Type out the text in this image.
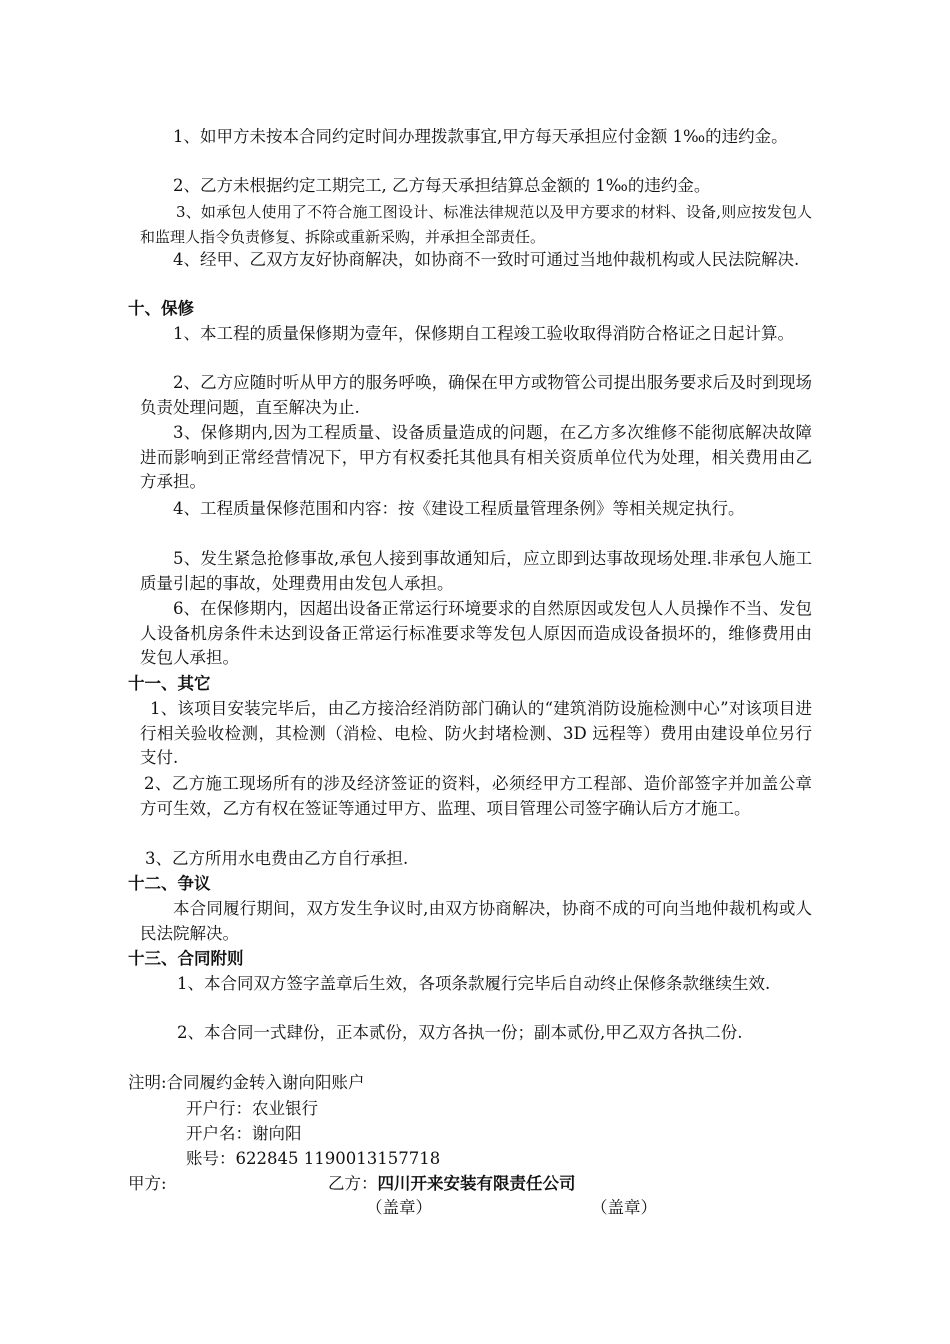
1、如甲方未按本合同约定时间办理拨款事宜,甲方每天承担应付金额 1‰的违约金。

2、乙方未根据约定工期完工, 乙方每天承担结算总金额的 1‰的违约金。

3、如承包人使用了不符合施工图设计、标准法律规范以及甲方要求的材料、设备,则应按发包人和监理人指令负责修复、拆除或重新采购，并承担全部责任。

4、经甲、乙双方友好协商解决，如协商不一致时可通过当地仲裁机构或人民法院解决.

十、保修

1、本工程的质量保修期为壹年，保修期自工程竣工验收取得消防合格证之日起计算。

2、乙方应随时听从甲方的服务呼唤，确保在甲方或物管公司提出服务要求后及时到现场负责处理问题，直至解决为止.

3、保修期内,因为工程质量、设备质量造成的问题，在乙方多次维修不能彻底解决故障进而影响到正常经营情况下，甲方有权委托其他具有相关资质单位代为处理，相关费用由乙方承担。

4、工程质量保修范围和内容：按《建设工程质量管理条例》等相关规定执行。

5、发生紧急抢修事故,承包人接到事故通知后，应立即到达事故现场处理.非承包人施工质量引起的事故，处理费用由发包人承担。

6、在保修期内，因超出设备正常运行环境要求的自然原因或发包人人员操作不当、发包人设备机房条件未达到设备正常运行标准要求等发包人原因而造成设备损坏的，维修费用由发包人承担。

十一、其它

1、该项目安装完毕后，由乙方接洽经消防部门确认的“建筑消防设施检测中心”对该项目进行相关验收检测，其检测（消检、电检、防火封堵检测、3D 远程等）费用由建设单位另行支付.

2、乙方施工现场所有的涉及经济签证的资料，必须经甲方工程部、造价部签字并加盖公章方可生效，乙方有权在签证等通过甲方、监理、项目管理公司签字确认后方才施工。

3、乙方所用水电费由乙方自行承担.

十二、争议

本合同履行期间，双方发生争议时,由双方协商解决，协商不成的可向当地仲裁机构或人民法院解决。

十三、合同附则

1、本合同双方签字盖章后生效，各项条款履行完毕后自动终止保修条款继续生效.

2、本合同一式肆份，正本贰份，双方各执一份；副本贰份,甲乙双方各执二份.

注明:合同履约金转入谢向阳账户

开户行：农业银行

开户名：谢向阳

账号：622845 1190013157718

甲方:	乙方：四川开来安装有限责任公司

（盖章）	（盖章）
